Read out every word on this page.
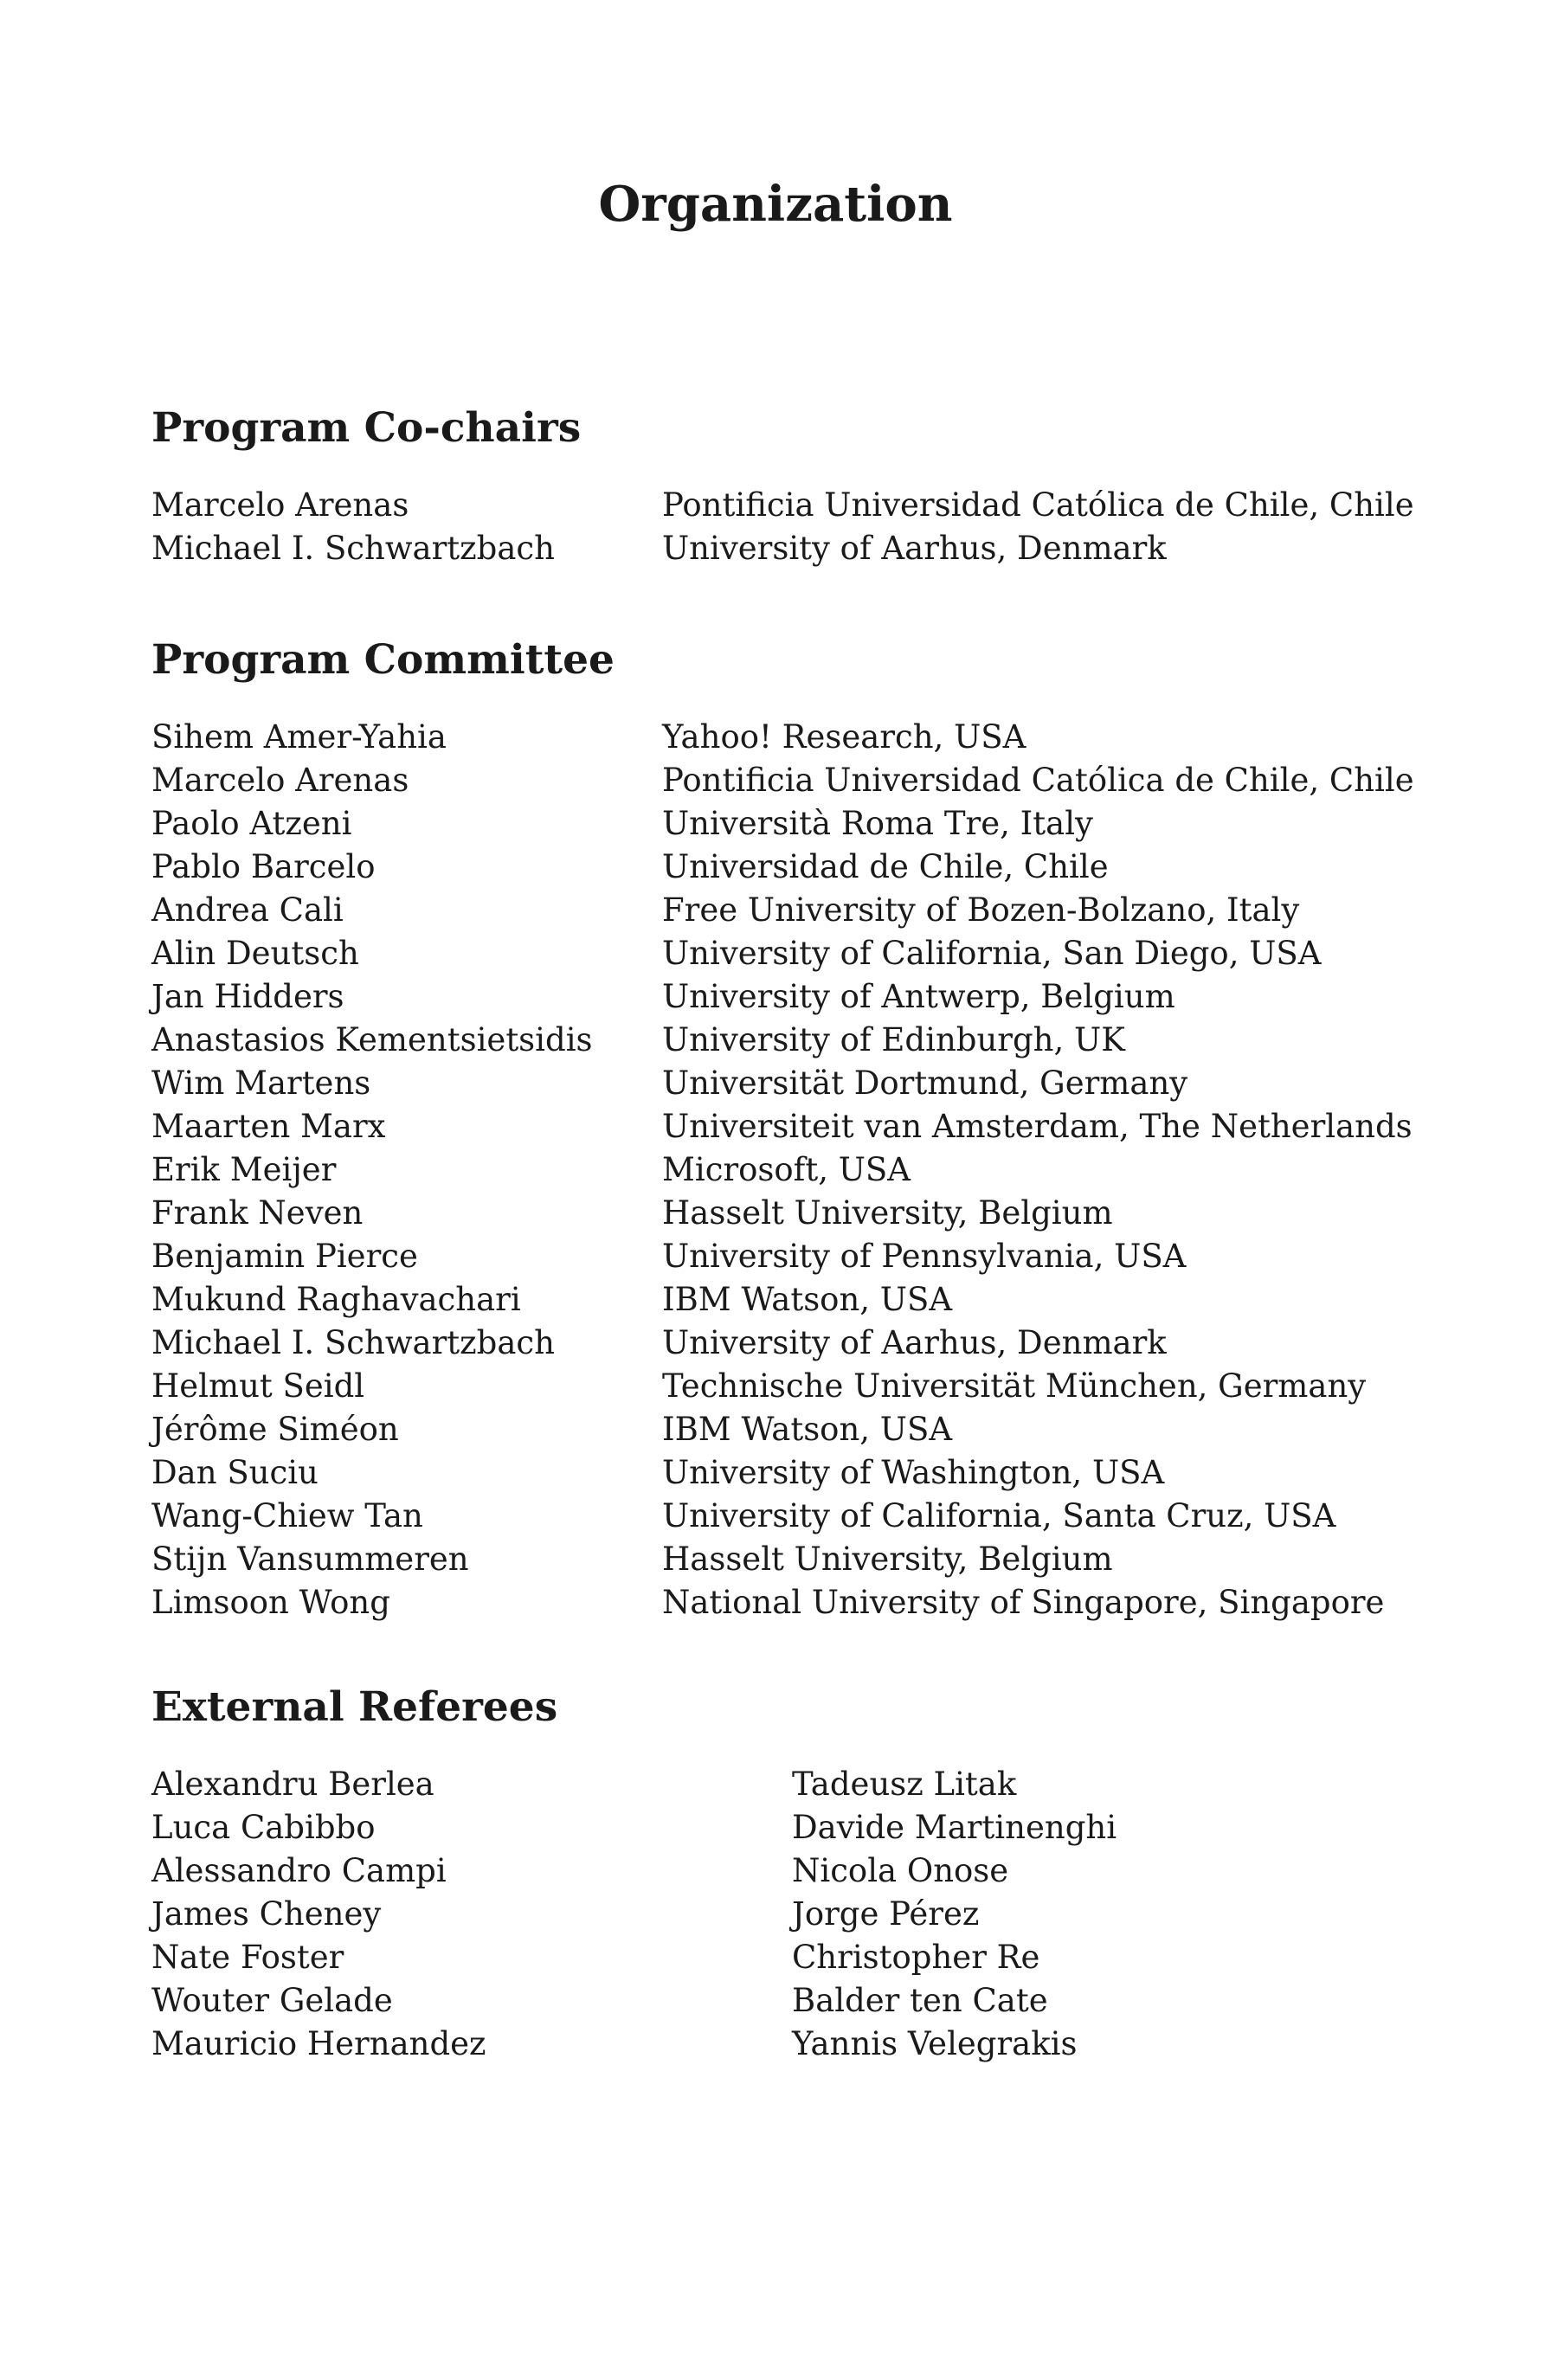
Organization
Program Co-chairs
Marcelo Arenas	Pontificia Universidad Católica de Chile, Chile
Michael I. Schwartzbach	University of Aarhus, Denmark
Program Committee
Sihem Amer-Yahia	Yahoo! Research, USA
Marcelo Arenas	Pontificia Universidad Católica de Chile, Chile
Paolo Atzeni	Università Roma Tre, Italy
Pablo Barcelo	Universidad de Chile, Chile
Andrea Cali	Free University of Bozen-Bolzano, Italy
Alin Deutsch	University of California, San Diego, USA
Jan Hidders	University of Antwerp, Belgium
Anastasios Kementsietsidis	University of Edinburgh, UK
Wim Martens	Universität Dortmund, Germany
Maarten Marx	Universiteit van Amsterdam, The Netherlands
Erik Meijer	Microsoft, USA
Frank Neven	Hasselt University, Belgium
Benjamin Pierce	University of Pennsylvania, USA
Mukund Raghavachari	IBM Watson, USA
Michael I. Schwartzbach	University of Aarhus, Denmark
Helmut Seidl	Technische Universität München, Germany
Jérôme Siméon	IBM Watson, USA
Dan Suciu	University of Washington, USA
Wang-Chiew Tan	University of California, Santa Cruz, USA
Stijn Vansummeren	Hasselt University, Belgium
Limsoon Wong	National University of Singapore, Singapore
External Referees
Alexandru Berlea
Luca Cabibbo
Alessandro Campi
James Cheney
Nate Foster
Wouter Gelade
Mauricio Hernandez
Tadeusz Litak
Davide Martinenghi
Nicola Onose
Jorge Pérez
Christopher Re
Balder ten Cate
Yannis Velegrakis
